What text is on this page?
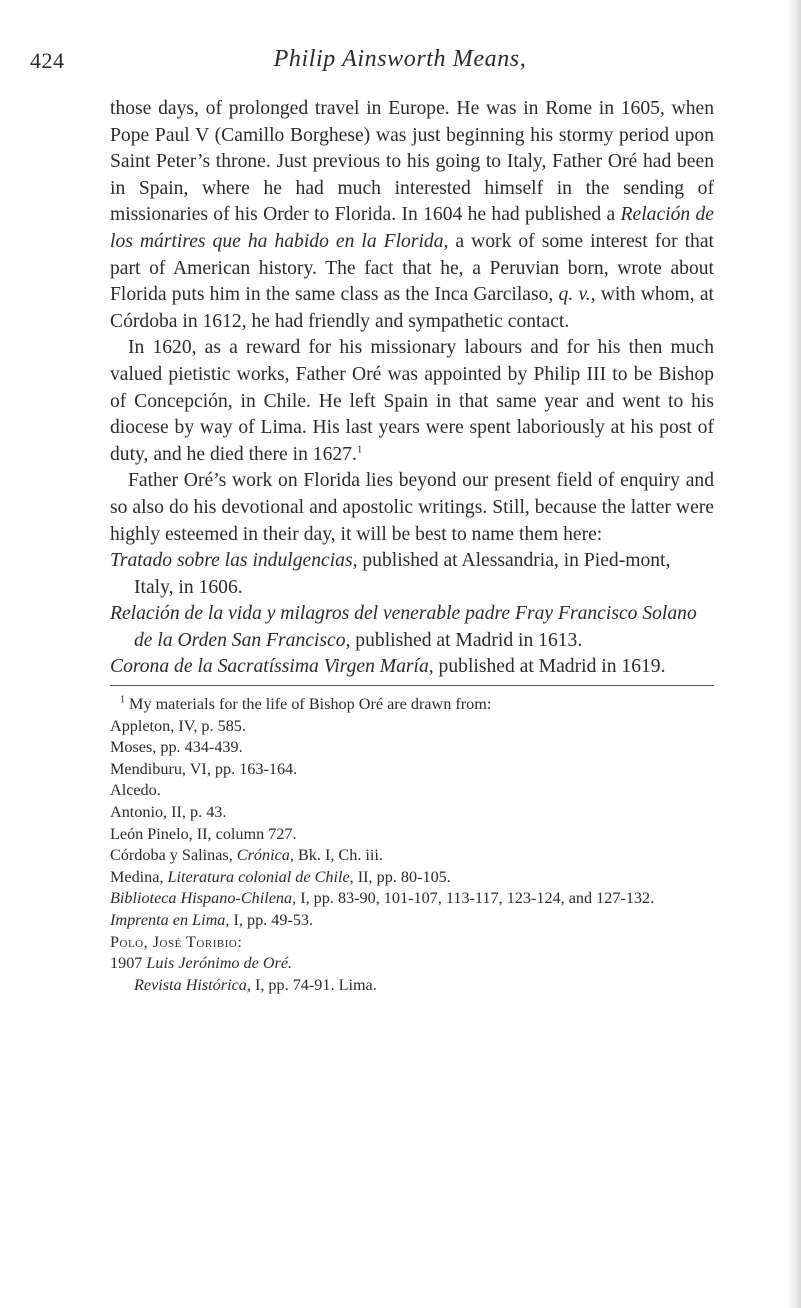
424	Philip Ainsworth Means,

those days, of prolonged travel in Europe. He was in Rome in 1605, when Pope Paul V (Camillo Borghese) was just beginning his stormy period upon Saint Peter’s throne. Just previous to his going to Italy, Father Oré had been in Spain, where he had much interested himself in the sending of missionaries of his Order to Florida. In 1604 he had published a Relación de los mártires que ha habido en la Florida, a work of some interest for that part of American history. The fact that he, a Peruvian born, wrote about Florida puts him in the same class as the Inca Garcilaso, q. v., with whom, at Córdoba in 1612, he had friendly and sympathetic contact.

In 1620, as a reward for his missionary labours and for his then much valued pietistic works, Father Oré was appointed by Philip III to be Bishop of Concepción, in Chile. He left Spain in that same year and went to his diocese by way of Lima. His last years were spent laboriously at his post of duty, and he died there in 1627.$^1$

Father Oré’s work on Florida lies beyond our present field of enquiry and so also do his devotional and apostolic writings. Still, because the latter were highly esteemed in their day, it will be best to name them here:

Tratado sobre las indulgencias, published at Alessandria, in Pied-mont, Italy, in 1606.
Relación de la vida y milagros del venerable padre Fray Francisco Solano de la Orden San Francisco, published at Madrid in 1613.
Corona de la Sacratíssima Virgen María, published at Madrid in 1619.
$^1$ My materials for the life of Bishop Oré are drawn from:
Appleton, IV, p. 585.
Moses, pp. 434-439.
Mendiburu, VI, pp. 163-164.
Alcedo.
Antonio, II, p. 43.
León Pinelo, II, column 727.
Córdoba y Salinas, Crónica, Bk. I, Ch. iii.
Medina, Literatura colonial de Chile, II, pp. 80-105.
Biblioteca Hispano-Chilena, I, pp. 83-90, 101-107, 113-117, 123-124, and 127-132.
Imprenta en Lima, I, pp. 49-53.
Polo, José Toribio:
1907 Luis Jerónimo de Oré.
Revista Histórica, I, pp. 74-91. Lima.
